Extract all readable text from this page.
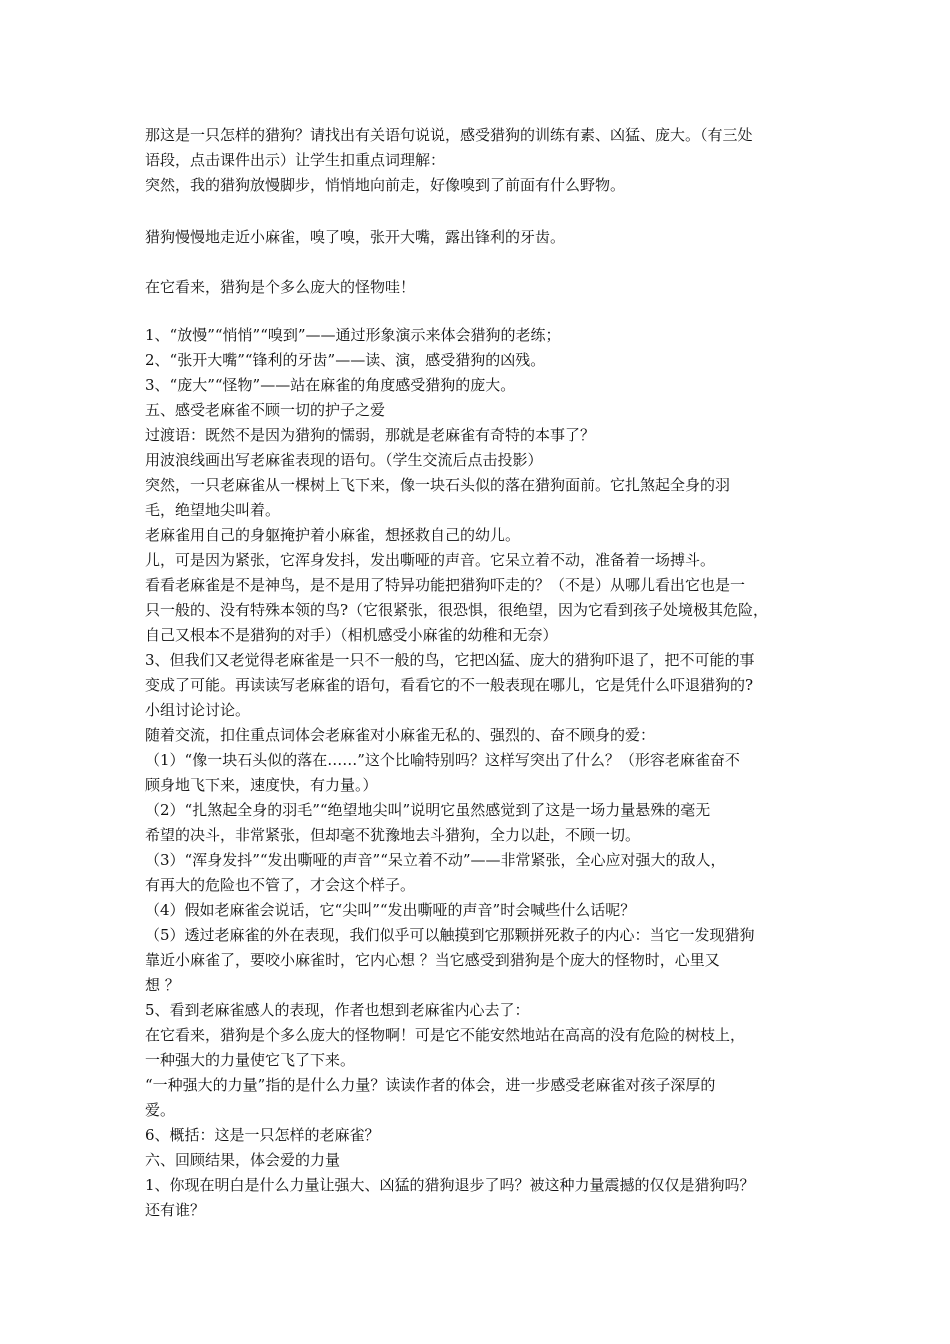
那这是一只怎样的猎狗？请找出有关语句说说，感受猎狗的训练有素、凶猛、庞大。（有三处
语段，点击课件出示）让学生扣重点词理解：
突然，我的猎狗放慢脚步，悄悄地向前走，好像嗅到了前面有什么野物。
猎狗慢慢地走近小麻雀，嗅了嗅，张开大嘴，露出锋利的牙齿。
在它看来，猎狗是个多么庞大的怪物哇！
1、“放慢”“悄悄”“嗅到”——通过形象演示来体会猎狗的老练；
2、“张开大嘴”“锋利的牙齿”——读、演，感受猎狗的凶残。
3、“庞大”“怪物”——站在麻雀的角度感受猎狗的庞大。
五、感受老麻雀不顾一切的护子之爱
过渡语：既然不是因为猎狗的懦弱，那就是老麻雀有奇特的本事了？
用波浪线画出写老麻雀表现的语句。（学生交流后点击投影）
突然，一只老麻雀从一棵树上飞下来，像一块石头似的落在猎狗面前。它扎煞起全身的羽
毛，绝望地尖叫着。
老麻雀用自己的身躯掩护着小麻雀，想拯救自己的幼儿。
儿，可是因为紧张，它浑身发抖，发出嘶哑的声音。它呆立着不动，准备着一场搏斗。
看看老麻雀是不是神鸟，是不是用了特异功能把猎狗吓走的？（不是）从哪儿看出它也是一
只一般的、没有特殊本领的鸟?（它很紧张，很恐惧，很绝望，因为它看到孩子处境极其危险，
自己又根本不是猎狗的对手）（相机感受小麻雀的幼稚和无奈）
3、但我们又老觉得老麻雀是一只不一般的鸟，它把凶猛、庞大的猎狗吓退了，把不可能的事
变成了可能。再读读写老麻雀的语句，看看它的不一般表现在哪儿，它是凭什么吓退猎狗的?
小组讨论讨论。
随着交流，扣住重点词体会老麻雀对小麻雀无私的、强烈的、奋不顾身的爱：
（1）“像一块石头似的落在……”这个比喻特别吗？这样写突出了什么？（形容老麻雀奋不
顾身地飞下来，速度快，有力量。）
（2）“扎煞起全身的羽毛”“绝望地尖叫”说明它虽然感觉到了这是一场力量悬殊的毫无
希望的决斗，非常紧张，但却毫不犹豫地去斗猎狗，全力以赴，不顾一切。
（3）“浑身发抖”“发出嘶哑的声音”“呆立着不动”——非常紧张，全心应对强大的敌人，
有再大的危险也不管了，才会这个样子。
（4）假如老麻雀会说话，它“尖叫”“发出嘶哑的声音”时会喊些什么话呢？
（5）透过老麻雀的外在表现，我们似乎可以触摸到它那颗拼死救子的内心：当它一发现猎狗
靠近小麻雀了，要咬小麻雀时，它内心想 ？当它感受到猎狗是个庞大的怪物时，心里又
想 ？
5、看到老麻雀感人的表现，作者也想到老麻雀内心去了：
在它看来，猎狗是个多么庞大的怪物啊！可是它不能安然地站在高高的没有危险的树枝上，
一种强大的力量使它飞了下来。
“一种强大的力量”指的是什么力量？读读作者的体会，进一步感受老麻雀对孩子深厚的
爱。
6、概括：这是一只怎样的老麻雀？
六、回顾结果，体会爱的力量
1、你现在明白是什么力量让强大、凶猛的猎狗退步了吗？被这种力量震撼的仅仅是猎狗吗？
还有谁？
